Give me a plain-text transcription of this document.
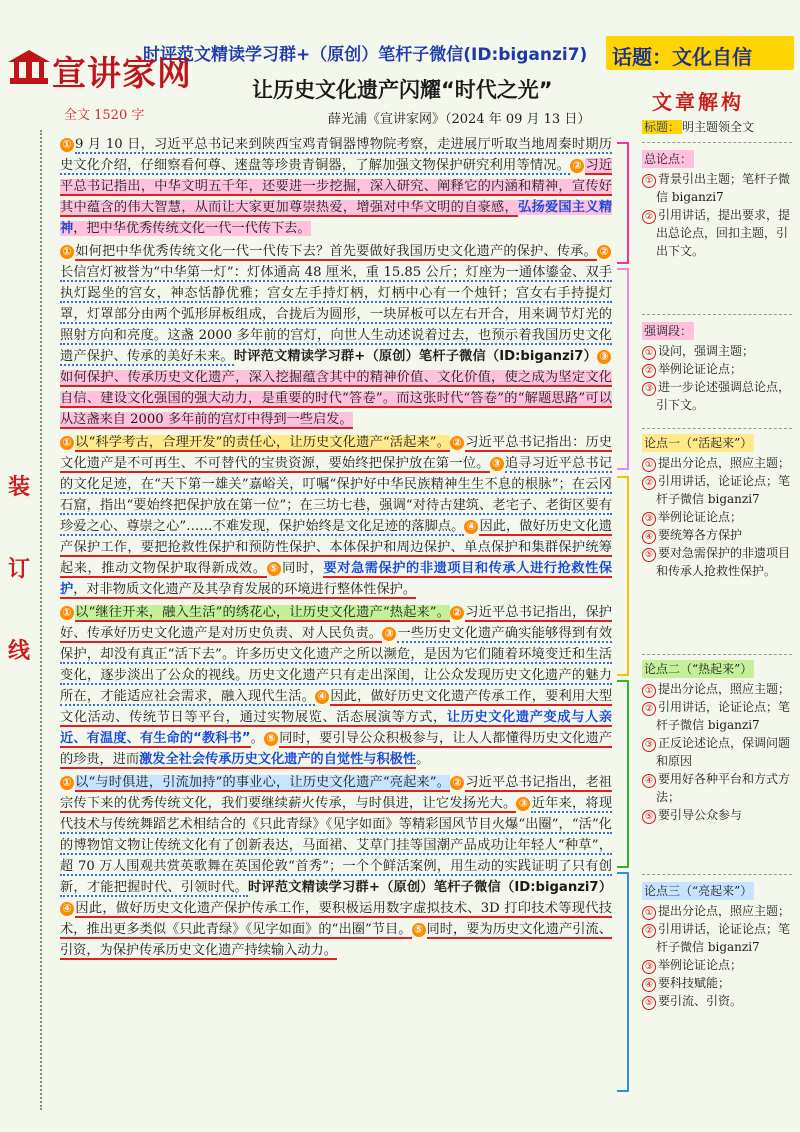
宣讲家网
时评范文精读学习群+（原创）笔杆子微信(ID:biganzi7) 话题：文化自信
让历史文化遗产闪耀“时代之光”
全文 1520 字	薛光浦《宣讲家网》（2024 年 09 月 13 日）
装
订
线

① 9 月 10 日，习近平总书记来到陕西宝鸡青铜器博物院考察，走进展厅听取当地周秦时期历史文化介绍，仔细察看何尊、逨盘等珍贵青铜器，了解加强文物保护研究利用等情况。 ② 习近平总书记指出，中华文明五千年，还要进一步挖掘，深入研究、阐释它的内涵和精神，宣传好其中蕴含的伟大智慧，从而让大家更加尊崇热爱，增强对中华文明的自豪感，弘扬爱国主义精神，把中华优秀传统文化一代一代传下去。

① 如何把中华优秀传统文化一代一代传下去？首先要做好我国历史文化遗产的保护、传承。 ②长信宫灯被誉为“中华第一灯”：灯体通高 48 厘米，重 15.85 公斤；灯座为一通体鎏金、双手执灯跽坐的宫女，神态恬静优雅；宫女左手持灯柄，灯柄中心有一个烛钎；宫女右手持提灯罩，灯罩部分由两个弧形屏板组成，合拢后为圆形，一块屏板可以左右开合，用来调节灯光的照射方向和亮度。这盏 2000 多年前的宫灯，向世人生动述说着过去，也预示着我国历史文化遗产保护、传承的美好未来。时评范文精读学习群+（原创）笔杆子微信（ID:biganzi7） ③如何保护、传承历史文化遗产，深入挖掘蕴含其中的精神价值、文化价值，使之成为坚定文化自信、建设文化强国的强大动力，是重要的时代“答卷”。而这张时代“答卷”的“解题思路”可以从这盏来自 2000 多年前的宫灯中得到一些启发。

① 以“科学考古，合理开发”的责任心，让历史文化遗产“活起来”。 ② 习近平总书记指出：历史文化遗产是不可再生、不可替代的宝贵资源，要始终把保护放在第一位。 ③ 追寻习近平总书记的文化足迹，在“天下第一雄关”嘉峪关，叮嘱“保护好中华民族精神生生不息的根脉”；在云冈石窟，指出“要始终把保护放在第一位”；在三坊七巷，强调“对待古建筑、老宅子、老街区要有珍爱之心、尊崇之心”……不难发现，保护始终是文化足迹的落脚点。 ④ 因此，做好历史文化遗产保护工作，要把抢救性保护和预防性保护、本体保护和周边保护、单点保护和集群保护统筹起来，推动文物保护取得新成效。 ⑤ 同时，要对急需保护的非遗项目和传承人进行抢救性保护，对非物质文化遗产及其孕育发展的环境进行整体性保护。

① 以“继往开来，融入生活”的绣花心，让历史文化遗产“热起来”。 ② 习近平总书记指出，保护好、传承好历史文化遗产是对历史负责、对人民负责。 ③ 一些历史文化遗产确实能够得到有效保护，却没有真正“活下去”。许多历史文化遗产之所以濒危，是因为它们随着环境变迁和生活变化，逐步淡出了公众的视线。历史文化遗产只有走出深闺，让公众发现历史文化遗产的魅力所在，才能适应社会需求，融入现代生活。 ④ 因此，做好历史文化遗产传承工作，要利用大型文化活动、传统节日等平台，通过实物展览、活态展演等方式，让历史文化遗产变成与人亲近、有温度、有生命的“教科书”。 ⑤ 同时，要引导公众积极参与，让人人都懂得历史文化遗产的珍贵，进而激发全社会传承历史文化遗产的自觉性与积极性。

① 以“与时俱进，引流加持”的事业心，让历史文化遗产“亮起来”。 ② 习近平总书记指出，老祖宗传下来的优秀传统文化，我们要继续薪火传承，与时俱进，让它发扬光大。 ③ 近年来，将现代技术与传统舞蹈艺术相结合的《只此青绿》《见字如面》等精彩国风节目火爆“出圈”，“活”化的博物馆文物让传统文化有了创新表达，马面裙、艾草门挂等国潮产品成功让年轻人“种草”，超 70 万人围观共赏英歌舞在英国伦敦“首秀”；一个个鲜活案例，用生动的实践证明了只有创新，才能把握时代、引领时代。时评范文精读学习群+（原创）笔杆子微信（ID:biganzi7）④ 因此，做好历史文化遗产保护传承工作，要积极运用数字虚拟技术、3D 打印技术等现代技术，推出更多类似《只此青绿》《见字如面》的“出圈”节目。 ⑤ 同时，要为历史文化遗产引流、引资，为保护传承历史文化遗产持续输入动力。

文章解构
标题： 明主题领全文
总论点：
① 背景引出主题；笔杆子微信 biganzi7
② 引用讲话，提出要求，提出总论点，回扣主题，引出下文。
强调段：
① 设问，强调主题；
② 举例论证论点；
③ 进一步论述强调总论点，引下文。
论点一（“活起来”）
① 提出分论点，照应主题；
② 引用讲话，论证论点；笔杆子微信 biganzi7
③ 举例论证论点；
④ 要统筹各方保护
⑤ 要对急需保护的非遗项目和传承人抢救性保护。
论点二（“热起来”）
① 提出分论点，照应主题；
② 引用讲话，论证论点；笔杆子微信 biganzi7
③ 正反论述论点，保调问题和原因
④ 要用好各种平台和方式方法；
⑤ 要引导公众参与
论点三（“亮起来”）
① 提出分论点，照应主题；
② 引用讲话，论证论点；笔杆子微信 biganzi7
③ 举例论证论点；
④ 要科技赋能；
⑤ 要引流、引资。
